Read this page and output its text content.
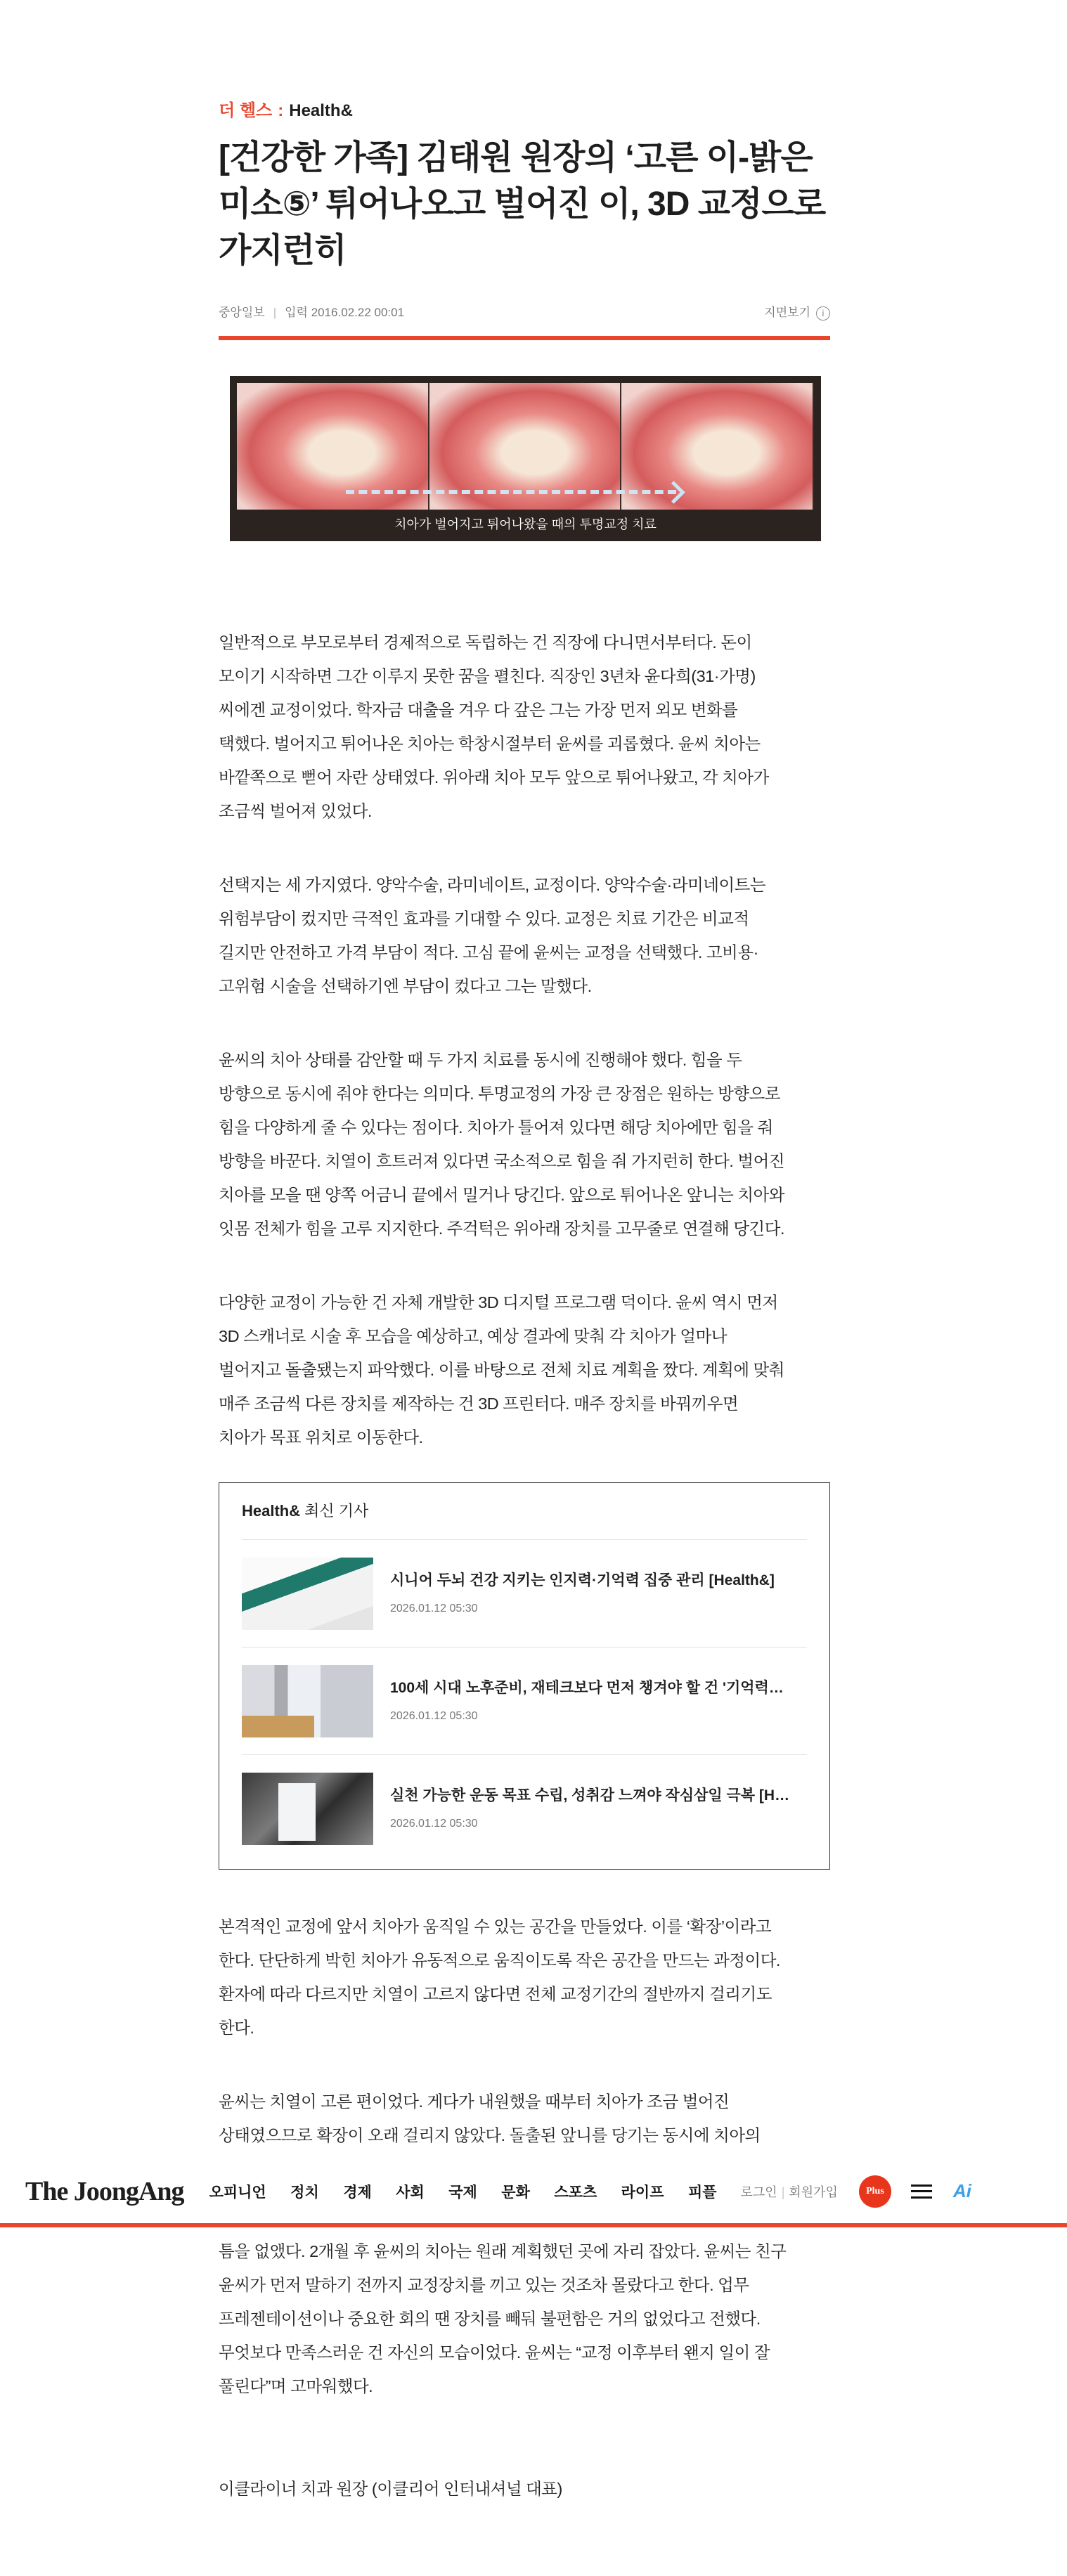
더 헬스 : Health&
[건강한 가족] 김태원 원장의 ‘고른 이-밝은
미소⑤’ 튀어나오고 벌어진 이, 3D 교정으로
가지런히
중앙일보 | 입력 2016.02.22 00:01	지면보기 i
치아가 벌어지고 튀어나왔을 때의 투명교정 치료
일반적으로 부모로부터 경제적으로 독립하는 건 직장에 다니면서부터다. 돈이
모이기 시작하면 그간 이루지 못한 꿈을 펼친다. 직장인 3년차 윤다희(31·가명)
씨에겐 교정이었다. 학자금 대출을 겨우 다 갚은 그는 가장 먼저 외모 변화를
택했다. 벌어지고 튀어나온 치아는 학창시절부터 윤씨를 괴롭혔다. 윤씨 치아는
바깥쪽으로 뻗어 자란 상태였다. 위아래 치아 모두 앞으로 튀어나왔고, 각 치아가
조금씩 벌어져 있었다.
선택지는 세 가지였다. 양악수술, 라미네이트, 교정이다. 양악수술·라미네이트는
위험부담이 컸지만 극적인 효과를 기대할 수 있다. 교정은 치료 기간은 비교적
길지만 안전하고 가격 부담이 적다. 고심 끝에 윤씨는 교정을 선택했다. 고비용·
고위험 시술을 선택하기엔 부담이 컸다고 그는 말했다.
윤씨의 치아 상태를 감안할 때 두 가지 치료를 동시에 진행해야 했다. 힘을 두
방향으로 동시에 줘야 한다는 의미다. 투명교정의 가장 큰 장점은 원하는 방향으로
힘을 다양하게 줄 수 있다는 점이다. 치아가 틀어져 있다면 해당 치아에만 힘을 줘
방향을 바꾼다. 치열이 흐트러져 있다면 국소적으로 힘을 줘 가지런히 한다. 벌어진
치아를 모을 땐 양쪽 어금니 끝에서 밀거나 당긴다. 앞으로 튀어나온 앞니는 치아와
잇몸 전체가 힘을 고루 지지한다. 주걱턱은 위아래 장치를 고무줄로 연결해 당긴다.
다양한 교정이 가능한 건 자체 개발한 3D 디지털 프로그램 덕이다. 윤씨 역시 먼저
3D 스캐너로 시술 후 모습을 예상하고, 예상 결과에 맞춰 각 치아가 얼마나
벌어지고 돌출됐는지 파악했다. 이를 바탕으로 전체 치료 계획을 짰다. 계획에 맞춰
매주 조금씩 다른 장치를 제작하는 건 3D 프린터다. 매주 장치를 바꿔끼우면
치아가 목표 위치로 이동한다.
Health& 최신 기사
시니어 두뇌 건강 지키는 인지력·기억력 집중 관리 [Health&]
2026.01.12 05:30
100세 시대 노후준비, 재테크보다 먼저 챙겨야 할 건 '기억력…
2026.01.12 05:30
실천 가능한 운동 목표 수립, 성취감 느껴야 작심삼일 극복 [H…
2026.01.12 05:30
본격적인 교정에 앞서 치아가 움직일 수 있는 공간을 만들었다. 이를 ‘확장’이라고
한다. 단단하게 박힌 치아가 유동적으로 움직이도록 작은 공간을 만드는 과정이다.
환자에 따라 다르지만 치열이 고르지 않다면 전체 교정기간의 절반까지 걸리기도
한다.
윤씨는 치열이 고른 편이었다. 게다가 내원했을 때부터 치아가 조금 벌어진
상태였으므로 확장이 오래 걸리지 않았다. 돌출된 앞니를 당기는 동시에 치아의
The JoongAng 오피니언 정치 경제 사회 국제 문화 스포츠 라이프 피플	로그인 | 회원가입	Plus	Ai
틈을 없앴다. 2개월 후 윤씨의 치아는 원래 계획했던 곳에 자리 잡았다. 윤씨는 친구
윤씨가 먼저 말하기 전까지 교정장치를 끼고 있는 것조차 몰랐다고 한다. 업무
프레젠테이션이나 중요한 회의 땐 장치를 빼둬 불편함은 거의 없었다고 전했다.
무엇보다 만족스러운 건 자신의 모습이었다. 윤씨는 “교정 이후부터 왠지 일이 잘
풀린다”며 고마워했다.
이클라이너 치과 원장 (이클리어 인터내셔널 대표)
